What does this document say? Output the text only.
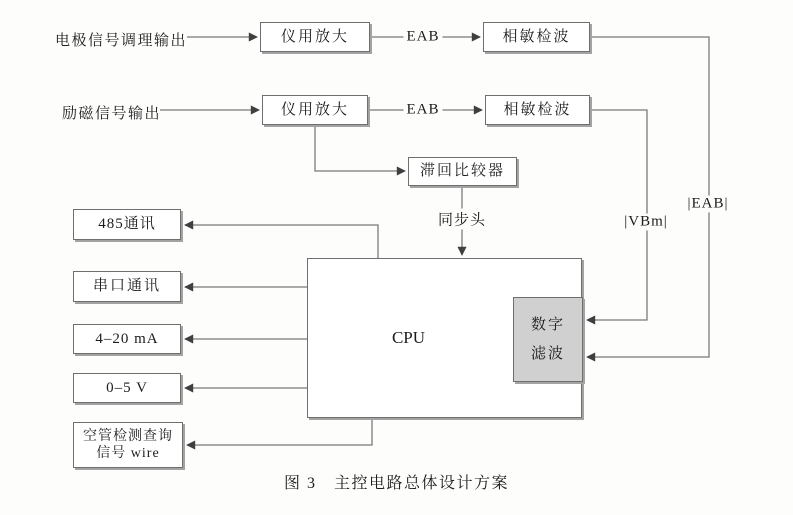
电极信号调理输出
励磁信号输出
仪用放大	相敏检波
仪用放大	相敏检波
滞回比较器
CPU
数字
滤波
485通讯
串口通讯
4–20 mA
0–5 V
空管检测查询
信号 wire
EAB
EAB
同步头	|VBm|
|EAB|
图 3　主控电路总体设计方案
